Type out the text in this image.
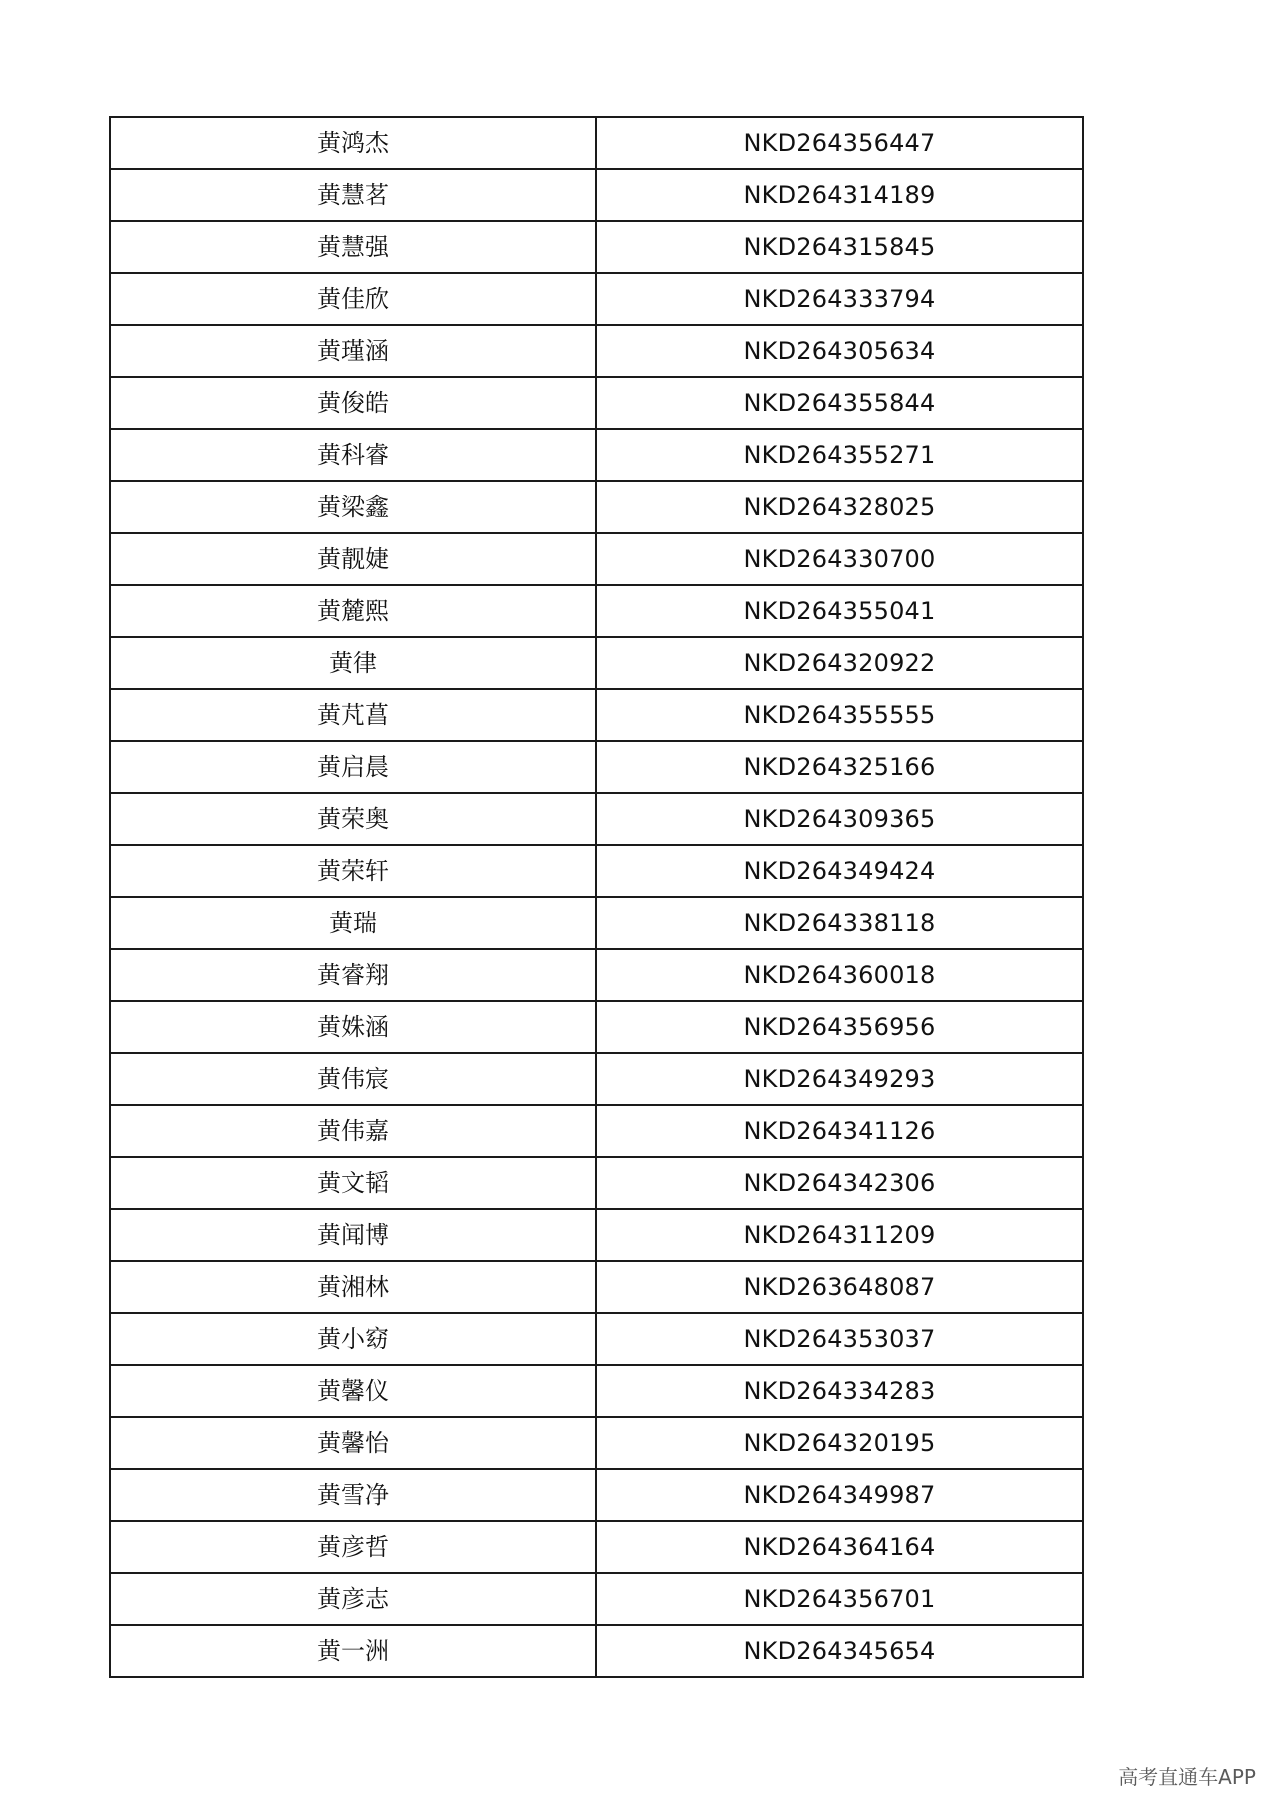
黄鸿杰	NKD264356447
黄慧茗	NKD264314189
黄慧强	NKD264315845
黄佳欣	NKD264333794
黄瑾涵	NKD264305634
黄俊皓	NKD264355844
黄科睿	NKD264355271
黄梁鑫	NKD264328025
黄靓婕	NKD264330700
黄麓熙	NKD264355041
黄律	NKD264320922
黄芃菖	NKD264355555
黄启晨	NKD264325166
黄荣奥	NKD264309365
黄荣轩	NKD264349424
黄瑞	NKD264338118
黄睿翔	NKD264360018
黄姝涵	NKD264356956
黄伟宸	NKD264349293
黄伟嘉	NKD264341126
黄文韬	NKD264342306
黄闻博	NKD264311209
黄湘林	NKD263648087
黄小窈	NKD264353037
黄馨仪	NKD264334283
黄馨怡	NKD264320195
黄雪净	NKD264349987
黄彦哲	NKD264364164
黄彦志	NKD264356701
黄一洲	NKD264345654
高考直通车APP
